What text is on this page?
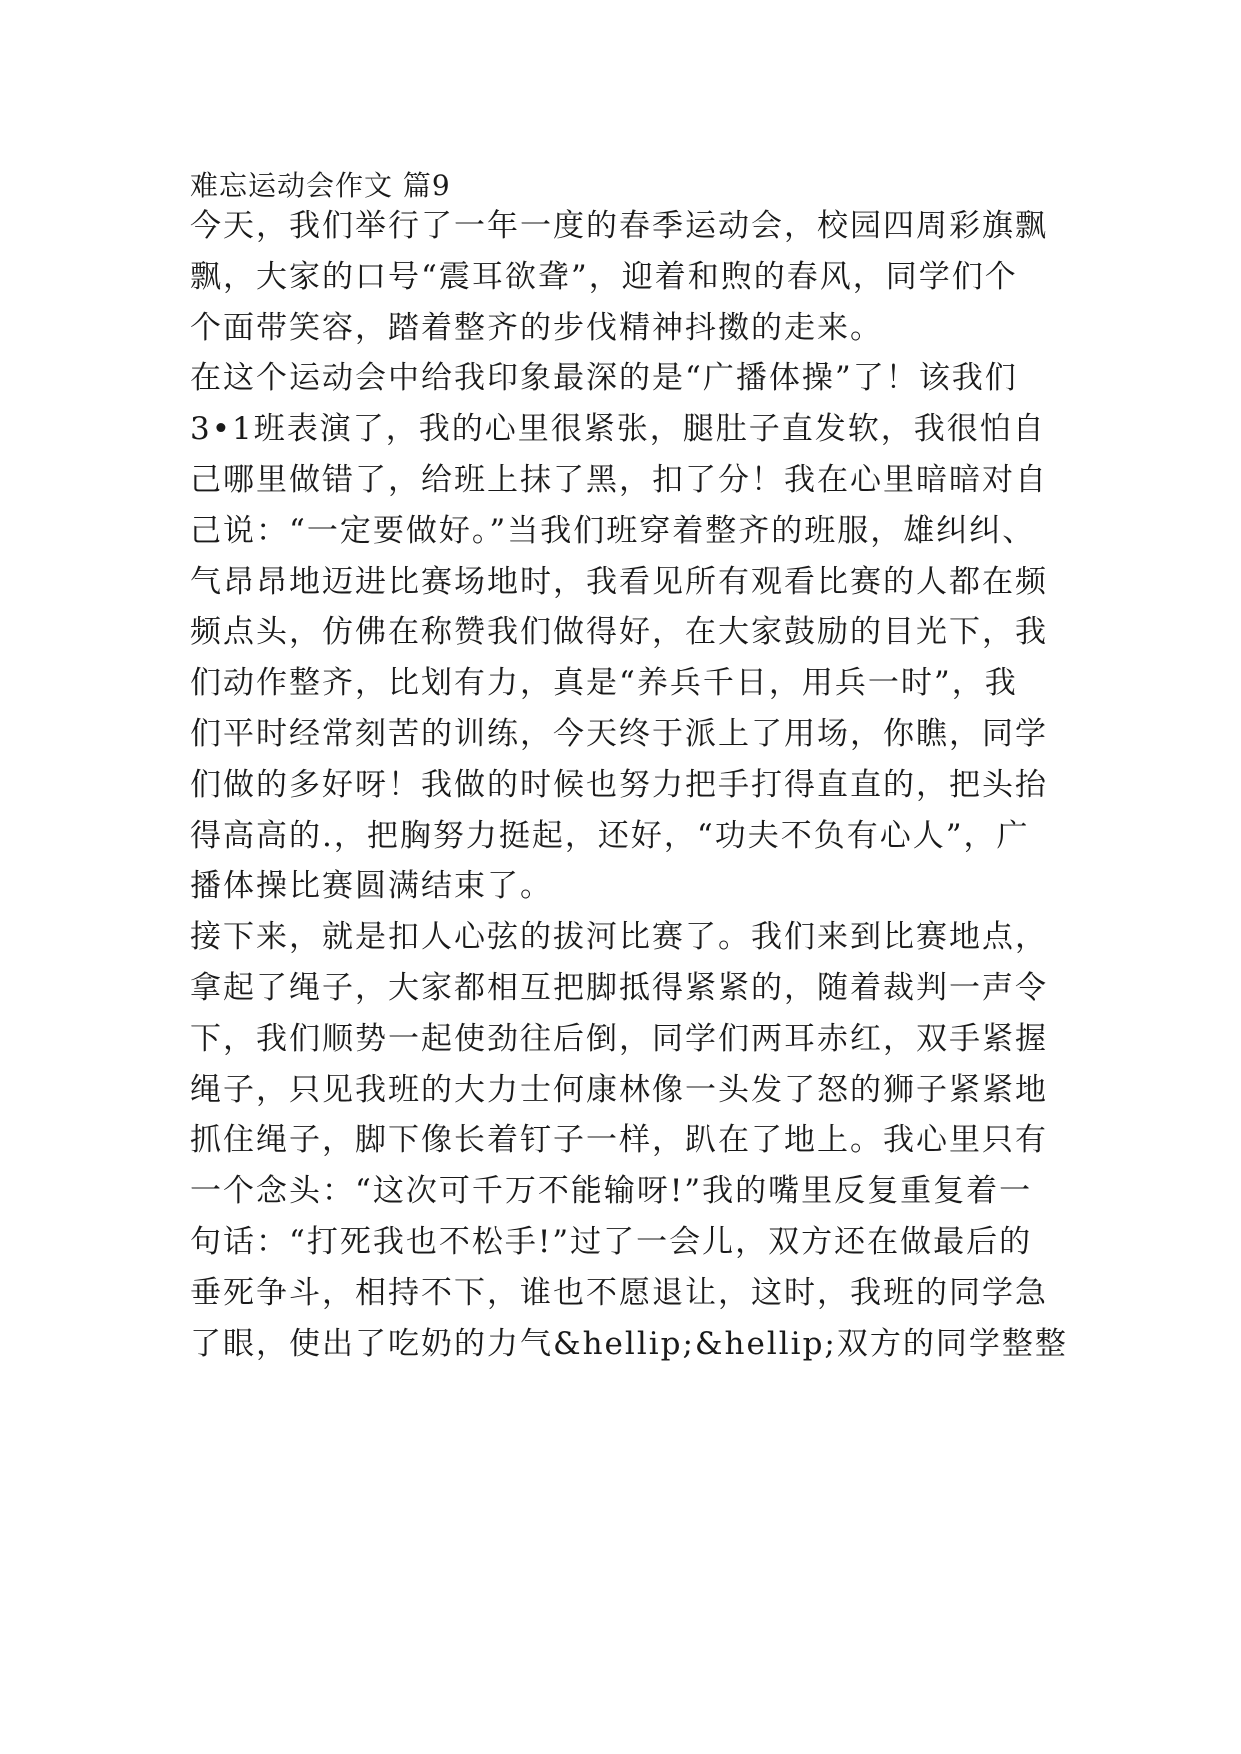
难忘运动会作文 篇9
今天，我们举行了一年一度的春季运动会，校园四周彩旗飘
飘，大家的口号“震耳欲聋”，迎着和煦的春风，同学们个
个面带笑容，踏着整齐的步伐精神抖擞的走来。
在这个运动会中给我印象最深的是“广播体操”了！该我们
3•1班表演了，我的心里很紧张，腿肚子直发软，我很怕自
己哪里做错了，给班上抹了黑，扣了分！我在心里暗暗对自
己说：“一定要做好。”当我们班穿着整齐的班服，雄纠纠、
气昂昂地迈进比赛场地时，我看见所有观看比赛的人都在频
频点头，仿佛在称赞我们做得好，在大家鼓励的目光下，我
们动作整齐，比划有力，真是“养兵千日，用兵一时”，我
们平时经常刻苦的训练，今天终于派上了用场，你瞧，同学
们做的多好呀！我做的时候也努力把手打得直直的，把头抬
得高高的.，把胸努力挺起，还好，“功夫不负有心人”，广
播体操比赛圆满结束了。
接下来，就是扣人心弦的拔河比赛了。我们来到比赛地点，
拿起了绳子，大家都相互把脚抵得紧紧的，随着裁判一声令
下，我们顺势一起使劲往后倒，同学们两耳赤红，双手紧握
绳子，只见我班的大力士何康林像一头发了怒的狮子紧紧地
抓住绳子，脚下像长着钉子一样，趴在了地上。我心里只有
一个念头：“这次可千万不能输呀!”我的嘴里反复重复着一
句话：“打死我也不松手!”过了一会儿，双方还在做最后的
垂死争斗，相持不下，谁也不愿退让，这时，我班的同学急
了眼，使出了吃奶的力气&hellip;&hellip;双方的同学整整
